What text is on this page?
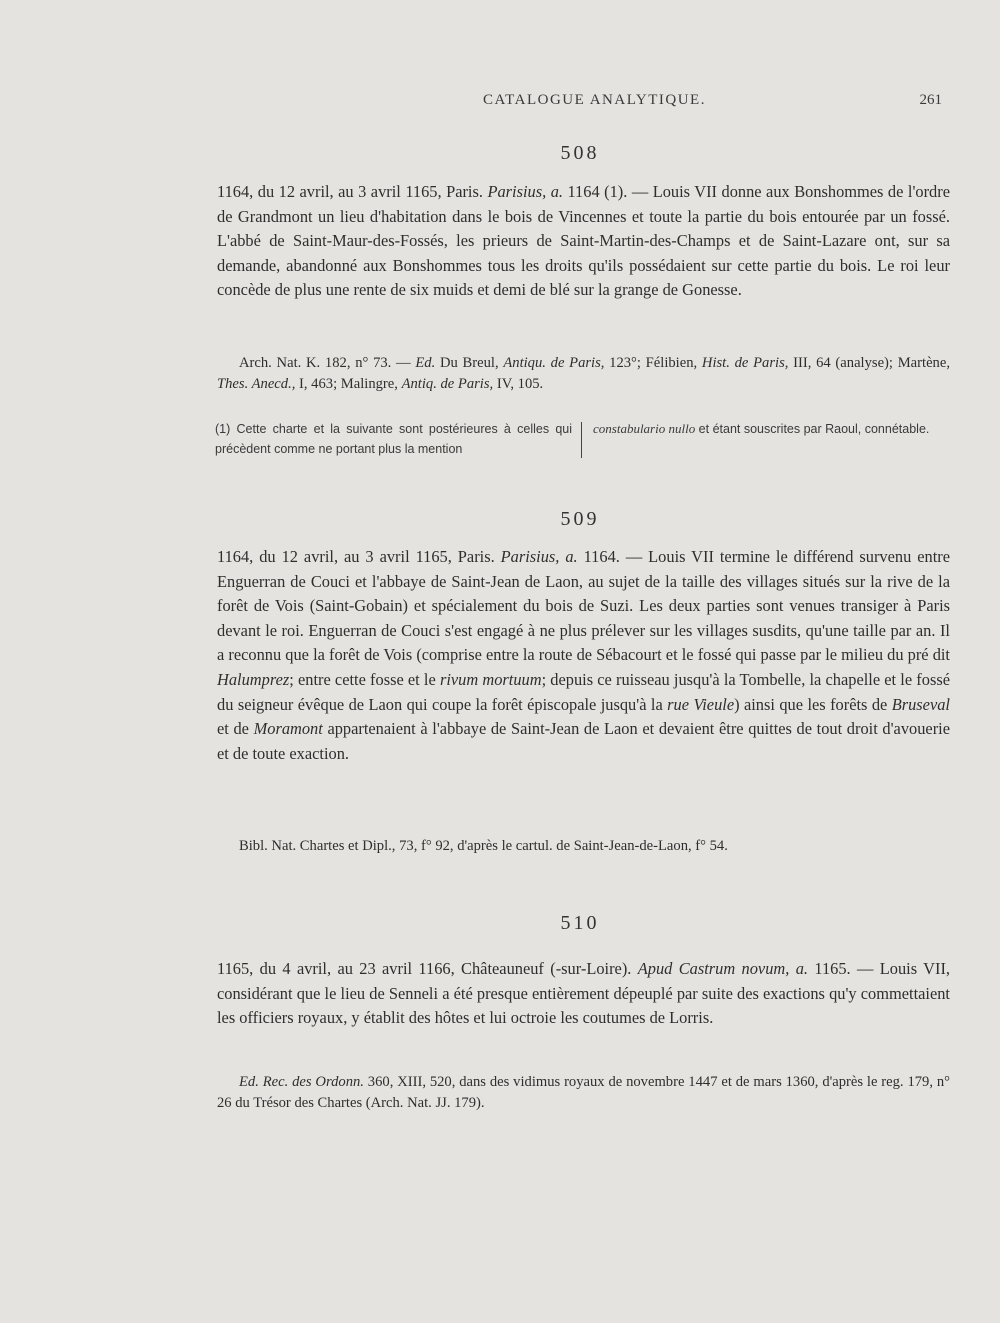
CATALOGUE ANALYTIQUE.	261
508

1164, du 12 avril, au 3 avril 1165, Paris. Parisius, a. 1164 (1). — Louis VII donne aux Bonshommes de l'ordre de Grandmont un lieu d'habitation dans le bois de Vincennes et toute la partie du bois entourée par un fossé. L'abbé de Saint-Maur-des-Fossés, les prieurs de Saint-Martin-des-Champs et de Saint-Lazare ont, sur sa demande, abandonné aux Bonshommes tous les droits qu'ils possédaient sur cette partie du bois. Le roi leur concède de plus une rente de six muids et demi de blé sur la grange de Gonesse.

Arch. Nat. K. 182, n° 73. — Ed. Du Breul, Antiqu. de Paris, 123°; Félibien, Hist. de Paris, III, 64 (analyse); Martène, Thes. Anecd., I, 463; Malingre, Antiq. de Paris, IV, 105.

(1) Cette charte et la suivante sont postérieures à celles qui précèdent comme ne portant plus la mention
constabulario nullo et étant souscrites par Raoul, connétable.
509

1164, du 12 avril, au 3 avril 1165, Paris. Parisius, a. 1164. — Louis VII termine le différend survenu entre Enguerran de Couci et l'abbaye de Saint-Jean de Laon, au sujet de la taille des villages situés sur la rive de la forêt de Vois (Saint-Gobain) et spécialement du bois de Suzi. Les deux parties sont venues transiger à Paris devant le roi. Enguerran de Couci s'est engagé à ne plus prélever sur les villages susdits, qu'une taille par an. Il a reconnu que la forêt de Vois (comprise entre la route de Sébacourt et le fossé qui passe par le milieu du pré dit Halumprez; entre cette fosse et le rivum mortuum; depuis ce ruisseau jusqu'à la Tombelle, la chapelle et le fossé du seigneur évêque de Laon qui coupe la forêt épiscopale jusqu'à la rue Vieule) ainsi que les forêts de Bruseval et de Moramont appartenaient à l'abbaye de Saint-Jean de Laon et devaient être quittes de tout droit d'avouerie et de toute exaction.

Bibl. Nat. Chartes et Dipl., 73, f° 92, d'après le cartul. de Saint-Jean-de-Laon, f° 54.

510

1165, du 4 avril, au 23 avril 1166, Châteauneuf (-sur-Loire). Apud Castrum novum, a. 1165. — Louis VII, considérant que le lieu de Senneli a été presque entièrement dépeuplé par suite des exactions qu'y commettaient les officiers royaux, y établit des hôtes et lui octroie les coutumes de Lorris.

Ed. Rec. des Ordonn. 360, XIII, 520, dans des vidimus royaux de novembre 1447 et de mars 1360, d'après le reg. 179, n° 26 du Trésor des Chartes (Arch. Nat. JJ. 179).
